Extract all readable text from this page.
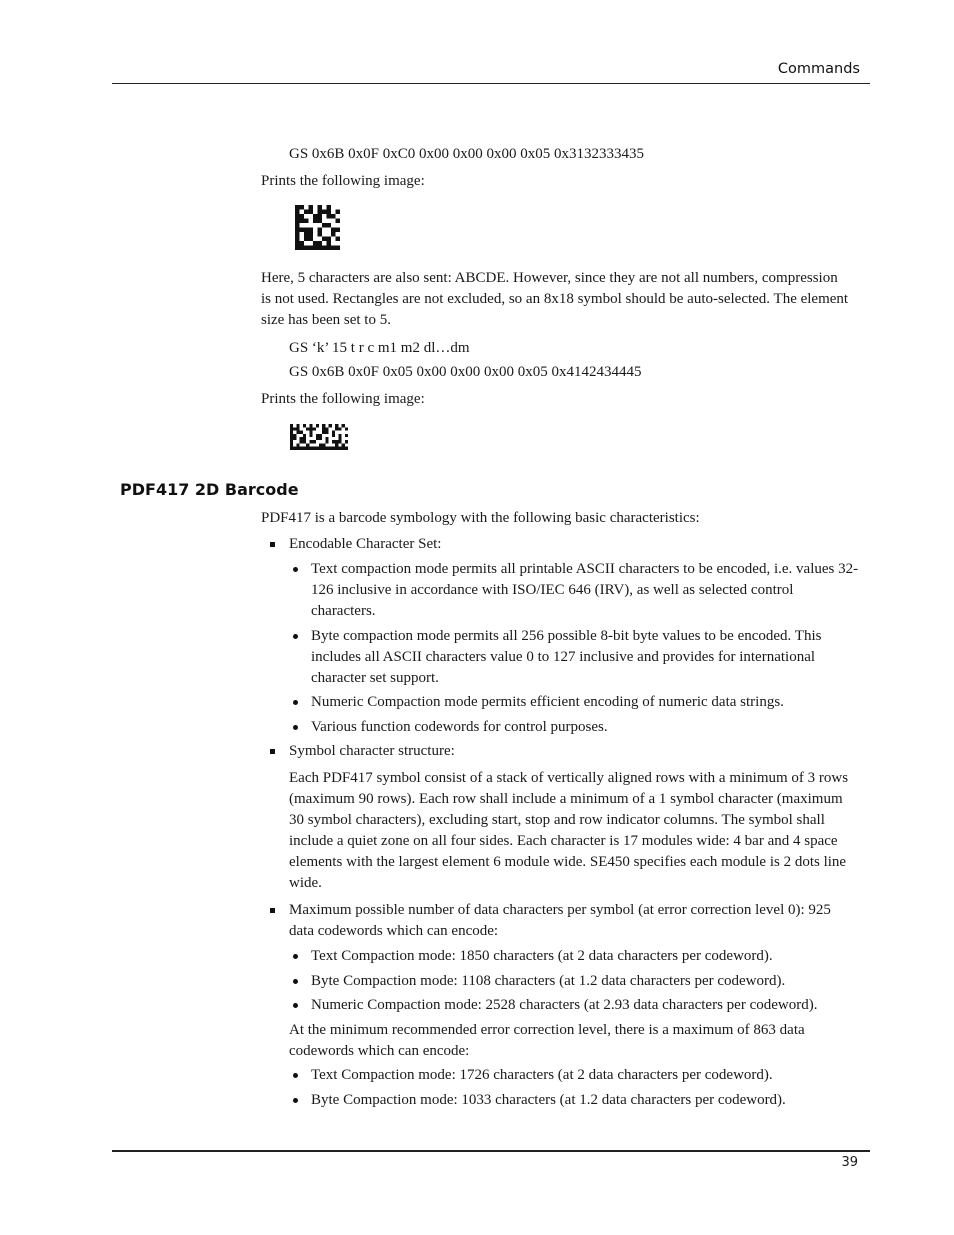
Commands
GS 0x6B 0x0F 0xC0 0x00 0x00 0x00 0x05 0x3132333435
Prints the following image:
Here, 5 characters are also sent: ABCDE. However, since they are not all numbers, compression is not used. Rectangles are not excluded, so an 8x18 symbol should be auto-selected. The element size has been set to 5.
GS ‘k’ 15 t r c m1 m2 dl…dm
GS 0x6B 0x0F 0x05 0x00 0x00 0x00 0x05 0x4142434445
Prints the following image:
PDF417 2D Barcode
PDF417 is a barcode symbology with the following basic characteristics:
Encodable Character Set:
Text compaction mode permits all printable ASCII characters to be encoded, i.e. values 32-126 inclusive in accordance with ISO/IEC 646 (IRV), as well as selected control characters.
Byte compaction mode permits all 256 possible 8-bit byte values to be encoded. This includes all ASCII characters value 0 to 127 inclusive and provides for international character set support.
Numeric Compaction mode permits efficient encoding of numeric data strings.
Various function codewords for control purposes.
Symbol character structure:
Each PDF417 symbol consist of a stack of vertically aligned rows with a minimum of 3 rows (maximum 90 rows). Each row shall include a minimum of a 1 symbol character (maximum 30 symbol characters), excluding start, stop and row indicator columns. The symbol shall include a quiet zone on all four sides. Each character is 17 modules wide: 4 bar and 4 space elements with the largest element 6 module wide. SE450 specifies each module is 2 dots line wide.
Maximum possible number of data characters per symbol (at error correction level 0): 925 data codewords which can encode:
Text Compaction mode: 1850 characters (at 2 data characters per codeword).
Byte Compaction mode: 1108 characters (at 1.2 data characters per codeword).
Numeric Compaction mode: 2528 characters (at 2.93 data characters per codeword).
At the minimum recommended error correction level, there is a maximum of 863 data codewords which can encode:
Text Compaction mode: 1726 characters (at 2 data characters per codeword).
Byte Compaction mode: 1033 characters (at 1.2 data characters per codeword).
39
